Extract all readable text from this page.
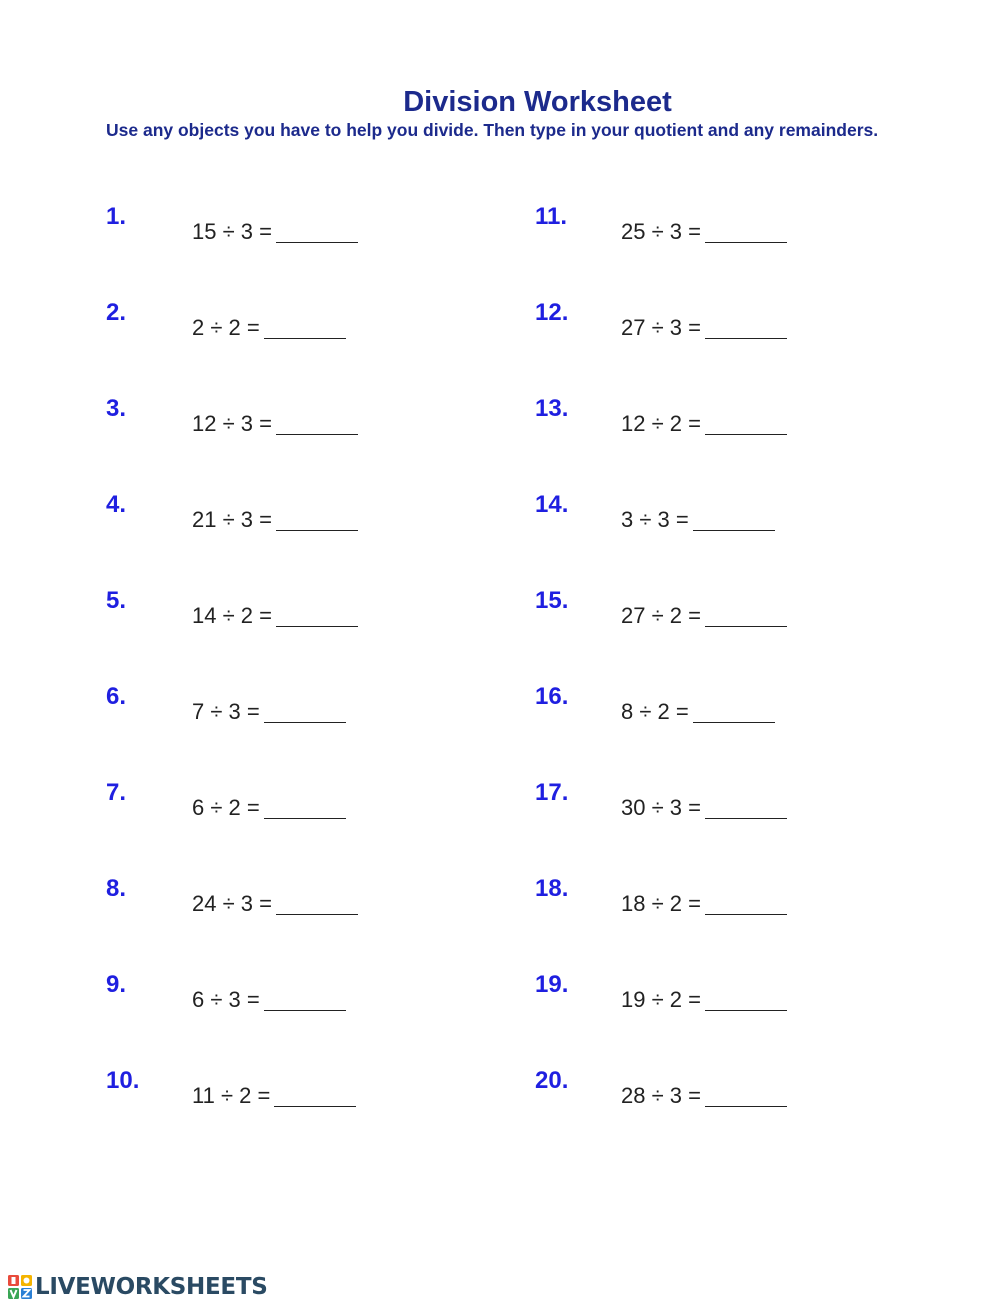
Division Worksheet
Use any objects you have to help you divide. Then type in your quotient and any remainders.
1.
15 ÷ 3 =
2.
2 ÷ 2 =
3.
12 ÷ 3 =
4.
21 ÷ 3 =
5.
14 ÷ 2 =
6.
7 ÷ 3 =
7.
6 ÷ 2 =
8.
24 ÷ 3 =
9.
6 ÷ 3 =
10.
11 ÷ 2 =
11.
25 ÷ 3 =
12.
27 ÷ 3 =
13.
12 ÷ 2 =
14.
3 ÷ 3 =
15.
27 ÷ 2 =
16.
8 ÷ 2 =
17.
30 ÷ 3 =
18.
18 ÷ 2 =
19.
19 ÷ 2 =
20.
28 ÷ 3 =
LIVEWORKSHEETS
